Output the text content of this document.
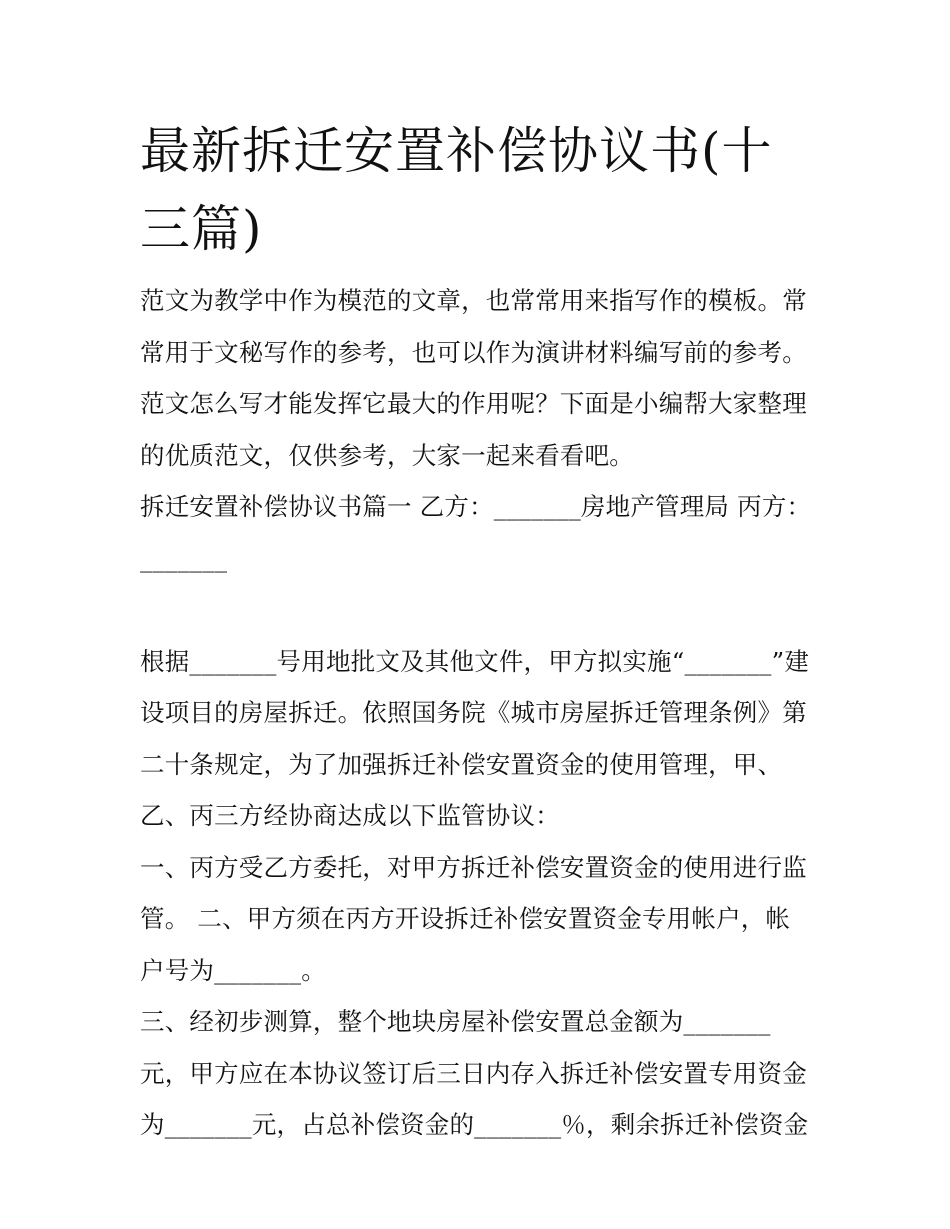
最新拆迁安置补偿协议书(十三篇)

范文为教学中作为模范的文章，也常常用来指写作的模板。常

常用于文秘写作的参考，也可以作为演讲材料编写前的参考。

范文怎么写才能发挥它最大的作用呢？下面是小编帮大家整理

的优质范文，仅供参考，大家一起来看看吧。

拆迁安置补偿协议书篇一 乙方：_______房地产管理局 丙方：

_______

根据_______号用地批文及其他文件，甲方拟实施“_______”建

设项目的房屋拆迁。依照国务院《城市房屋拆迁管理条例》第

二十条规定，为了加强拆迁补偿安置资金的使用管理，甲、

乙、丙三方经协商达成以下监管协议：

一、丙方受乙方委托，对甲方拆迁补偿安置资金的使用进行监

管。 二、甲方须在丙方开设拆迁补偿安置资金专用帐户，帐

户号为_______。

三、经初步测算，整个地块房屋补偿安置总金额为_______

元，甲方应在本协议签订后三日内存入拆迁补偿安置专用资金

为_______元，占总补偿资金的_______％，剩余拆迁补偿资金
